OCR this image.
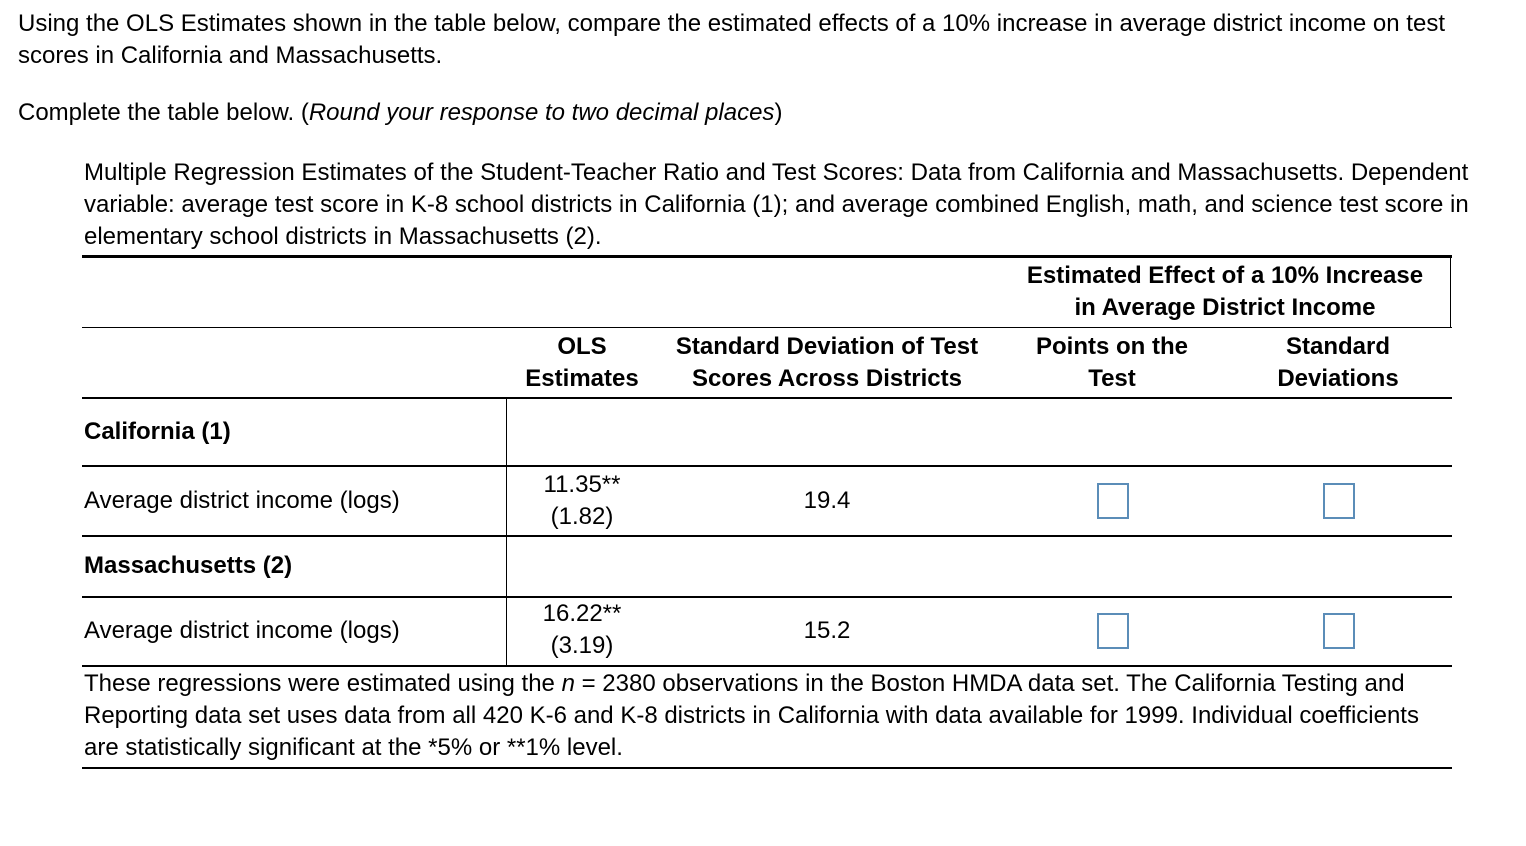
Using the OLS Estimates shown in the table below, compare the estimated effects of a 10% increase in average district income on test scores in California and Massachusetts.
Complete the table below. (Round your response to two decimal places)
Multiple Regression Estimates of the Student-Teacher Ratio and Test Scores: Data from California and Massachusetts. Dependent variable: average test score in K-8 school districts in California (1); and average combined English, math, and science test score in elementary school districts in Massachusetts (2).
Estimated Effect of a 10% Increase
in Average District Income
OLS
Estimates
Standard Deviation of Test
Scores Across Districts
Points on the
Test
Standard
Deviations
California (1)
Average district income (logs)
11.35**
(1.82)
19.4
Massachusetts (2)
Average district income (logs)
16.22**
(3.19)
15.2
These regressions were estimated using the n = 2380 observations in the Boston HMDA data set. The California Testing and Reporting data set uses data from all 420 K-6 and K-8 districts in California with data available for 1999. Individual coefficients are statistically significant at the *5% or **1% level.
